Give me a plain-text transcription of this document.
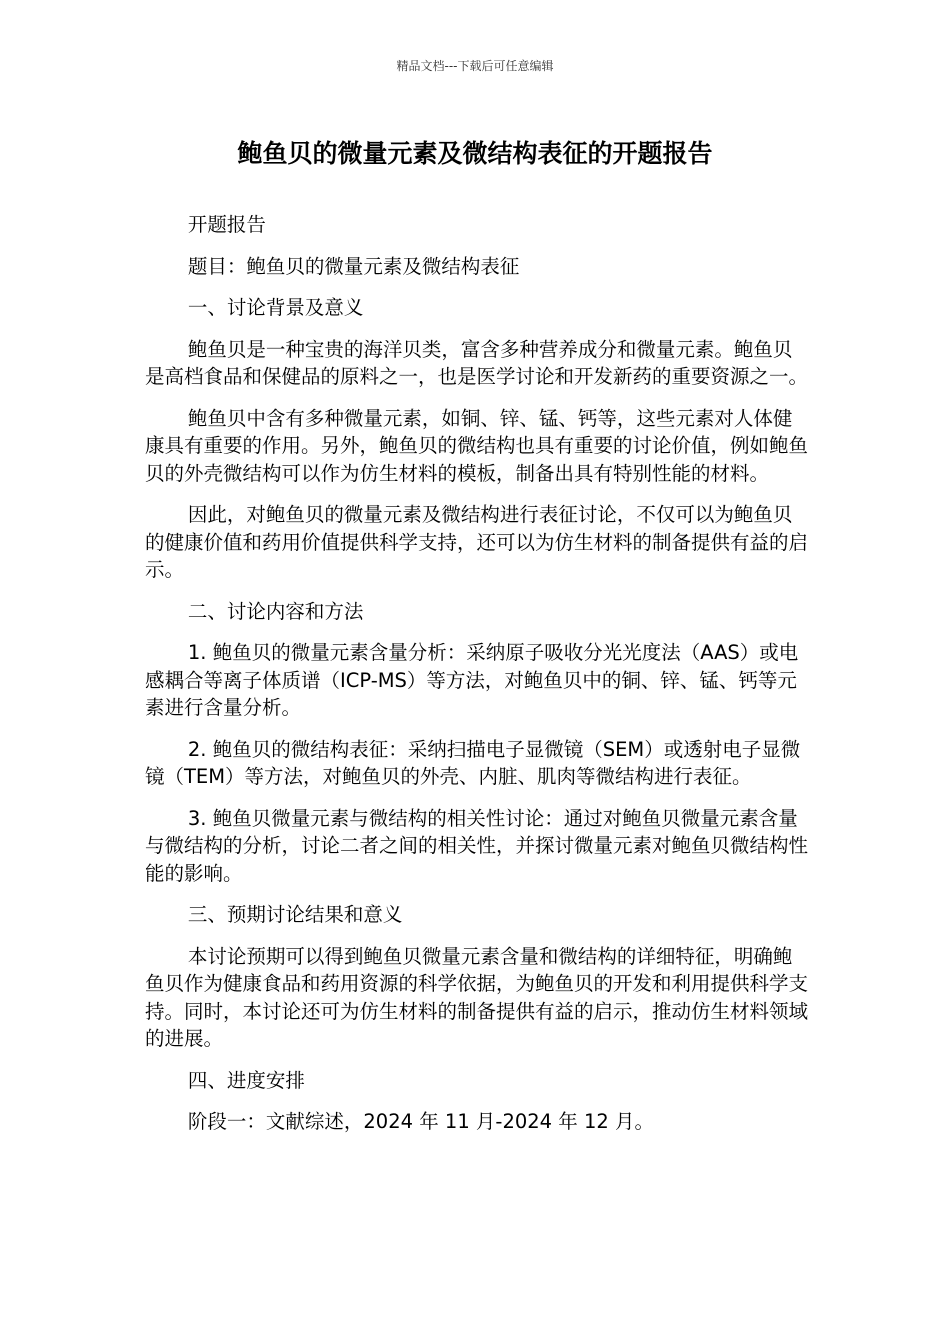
精品文档---下载后可任意编辑
鲍鱼贝的微量元素及微结构表征的开题报告

开题报告

题目：鲍鱼贝的微量元素及微结构表征

一、讨论背景及意义

鲍鱼贝是一种宝贵的海洋贝类，富含多种营养成分和微量元素。鲍鱼贝是高档食品和保健品的原料之一，也是医学讨论和开发新药的重要资源之一。

鲍鱼贝中含有多种微量元素，如铜、锌、锰、钙等，这些元素对人体健康具有重要的作用。另外，鲍鱼贝的微结构也具有重要的讨论价值，例如鲍鱼贝的外壳微结构可以作为仿生材料的模板，制备出具有特别性能的材料。

因此，对鲍鱼贝的微量元素及微结构进行表征讨论，不仅可以为鲍鱼贝的健康价值和药用价值提供科学支持，还可以为仿生材料的制备提供有益的启示。

二、讨论内容和方法

1. 鲍鱼贝的微量元素含量分析：采纳原子吸收分光光度法（AAS）或电感耦合等离子体质谱（ICP-MS）等方法，对鲍鱼贝中的铜、锌、锰、钙等元素进行含量分析。

2. 鲍鱼贝的微结构表征：采纳扫描电子显微镜（SEM）或透射电子显微镜（TEM）等方法，对鲍鱼贝的外壳、内脏、肌肉等微结构进行表征。

3. 鲍鱼贝微量元素与微结构的相关性讨论：通过对鲍鱼贝微量元素含量与微结构的分析，讨论二者之间的相关性，并探讨微量元素对鲍鱼贝微结构性能的影响。

三、预期讨论结果和意义

本讨论预期可以得到鲍鱼贝微量元素含量和微结构的详细特征，明确鲍鱼贝作为健康食品和药用资源的科学依据，为鲍鱼贝的开发和利用提供科学支持。同时，本讨论还可为仿生材料的制备提供有益的启示，推动仿生材料领域的进展。

四、进度安排

阶段一：文献综述，2024 年 11 月-2024 年 12 月。
